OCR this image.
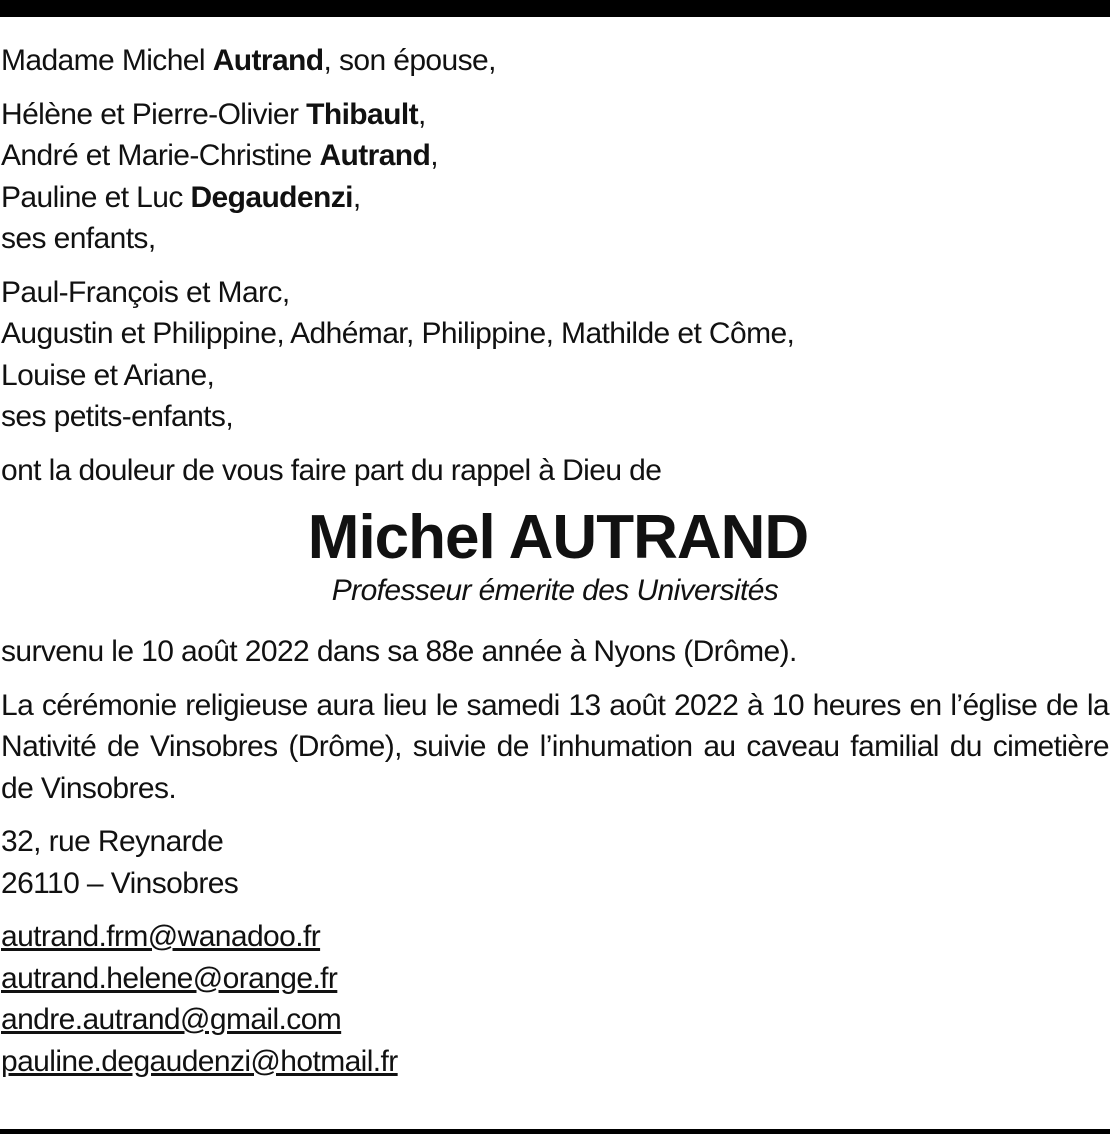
Madame Michel Autrand, son épouse,
Hélène et Pierre-Olivier Thibault,
André et Marie-Christine Autrand,
Pauline et Luc Degaudenzi,
ses enfants,
Paul-François et Marc,
Augustin et Philippine, Adhémar, Philippine, Mathilde et Côme,
Louise et Ariane,
ses petits-enfants,
ont la douleur de vous faire part du rappel à Dieu de
Michel AUTRAND
Professeur émerite des Universités
survenu le 10 août 2022 dans sa 88e année à Nyons (Drôme).
La cérémonie religieuse aura lieu le samedi 13 août 2022 à 10 heures en l’église de la Nativité de Vinsobres (Drôme), suivie de l’inhumation au caveau familial du cimetière de Vinsobres.
32, rue Reynarde
26110 – Vinsobres
autrand.frm@wanadoo.fr
autrand.helene@orange.fr
andre.autrand@gmail.com
pauline.degaudenzi@hotmail.fr
